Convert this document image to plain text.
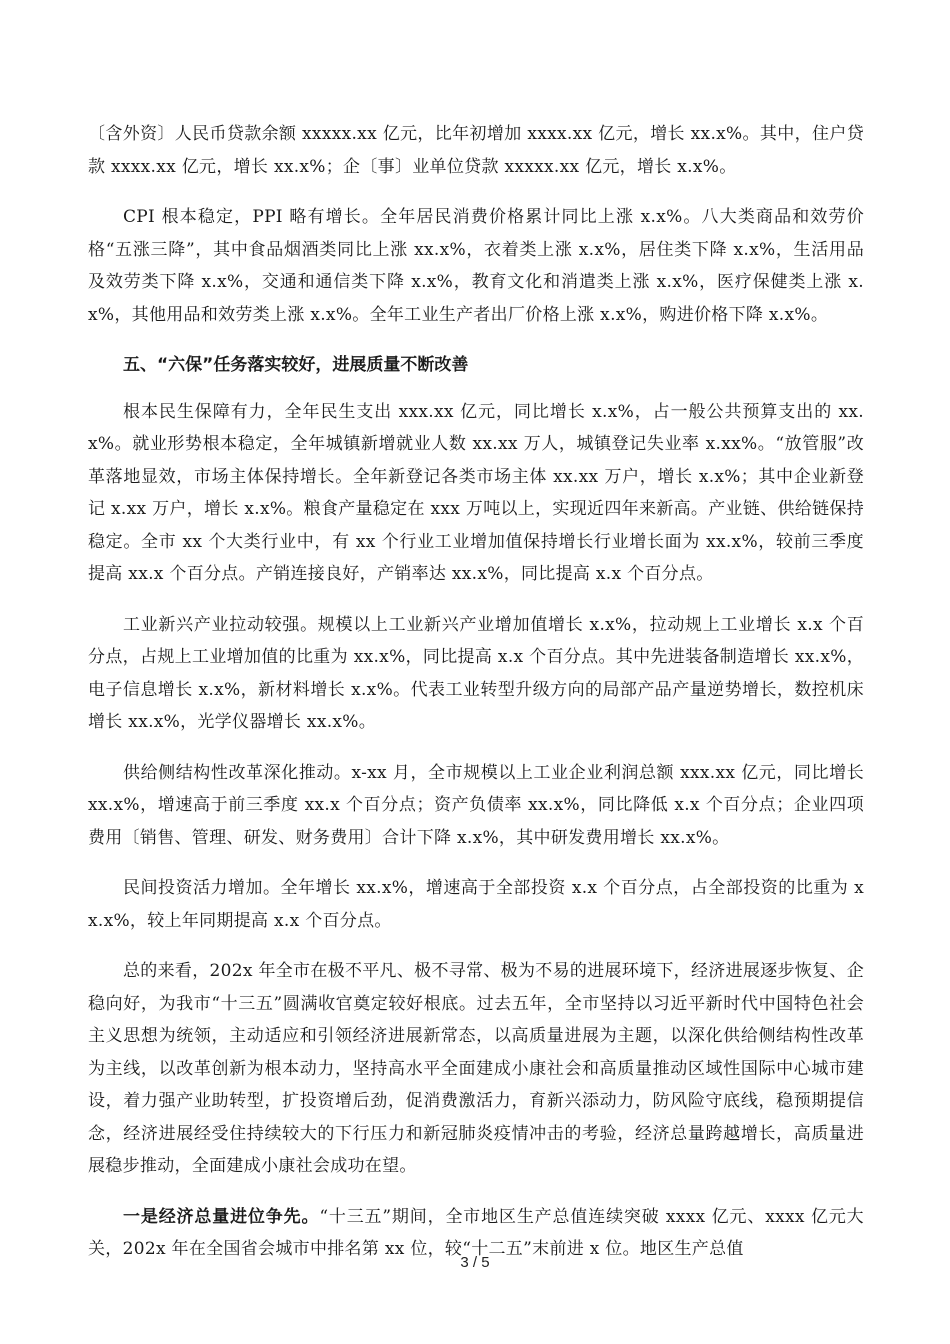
〔含外资〕人民币贷款余额 xxxxx.xx 亿元，比年初增加 xxxx.xx 亿元，增长 xx.x%。其中，住户贷款 xxxx.xx 亿元，增长 xx.x%；企〔事〕业单位贷款 xxxxx.xx 亿元，增长 x.x%。

CPI 根本稳定，PPI 略有增长。全年居民消费价格累计同比上涨 x.x%。八大类商品和效劳价格“五涨三降”，其中食品烟酒类同比上涨 xx.x%，衣着类上涨 x.x%，居住类下降 x.x%，生活用品及效劳类下降 x.x%，交通和通信类下降 x.x%，教育文化和消遣类上涨 x.x%，医疗保健类上涨 x.x%，其他用品和效劳类上涨 x.x%。全年工业生产者出厂价格上涨 x.x%，购进价格下降 x.x%。

五、“六保”任务落实较好，进展质量不断改善

根本民生保障有力，全年民生支出 xxx.xx 亿元，同比增长 x.x%，占一般公共预算支出的 xx.x%。就业形势根本稳定，全年城镇新增就业人数 xx.xx 万人，城镇登记失业率 x.xx%。“放管服”改革落地显效，市场主体保持增长。全年新登记各类市场主体 xx.xx 万户，增长 x.x%；其中企业新登记 x.xx 万户，增长 x.x%。粮食产量稳定在 xxx 万吨以上，实现近四年来新高。产业链、供给链保持稳定。全市 xx 个大类行业中，有 xx 个行业工业增加值保持增长行业增长面为 xx.x%，较前三季度提高 xx.x 个百分点。产销连接良好，产销率达 xx.x%，同比提高 x.x 个百分点。

工业新兴产业拉动较强。规模以上工业新兴产业增加值增长 x.x%，拉动规上工业增长 x.x 个百分点，占规上工业增加值的比重为 xx.x%，同比提高 x.x 个百分点。其中先进装备制造增长 xx.x%，电子信息增长 x.x%，新材料增长 x.x%。代表工业转型升级方向的局部产品产量逆势增长，数控机床增长 xx.x%，光学仪器增长 xx.x%。

供给侧结构性改革深化推动。x-xx 月，全市规模以上工业企业利润总额 xxx.xx 亿元，同比增长 xx.x%，增速高于前三季度 xx.x 个百分点；资产负债率 xx.x%，同比降低 x.x 个百分点；企业四项费用〔销售、管理、研发、财务费用〕合计下降 x.x%，其中研发费用增长 xx.x%。

民间投资活力增加。全年增长 xx.x%，增速高于全部投资 x.x 个百分点，占全部投资的比重为 xx.x%，较上年同期提高 x.x 个百分点。

总的来看，202x 年全市在极不平凡、极不寻常、极为不易的进展环境下，经济进展逐步恢复、企稳向好，为我市“十三五”圆满收官奠定较好根底。过去五年，全市坚持以习近平新时代中国特色社会主义思想为统领，主动适应和引领经济进展新常态，以高质量进展为主题，以深化供给侧结构性改革为主线，以改革创新为根本动力，坚持高水平全面建成小康社会和高质量推动区域性国际中心城市建设，着力强产业助转型，扩投资增后劲，促消费激活力，育新兴添动力，防风险守底线，稳预期提信念，经济进展经受住持续较大的下行压力和新冠肺炎疫情冲击的考验，经济总量跨越增长，高质量进展稳步推动，全面建成小康社会成功在望。

一是经济总量进位争先。“十三五”期间，全市地区生产总值连续突破 xxxx 亿元、xxxx 亿元大关，202x 年在全国省会城市中排名第 xx 位，较“十二五”末前进 x 位。地区生产总值

3 / 5
